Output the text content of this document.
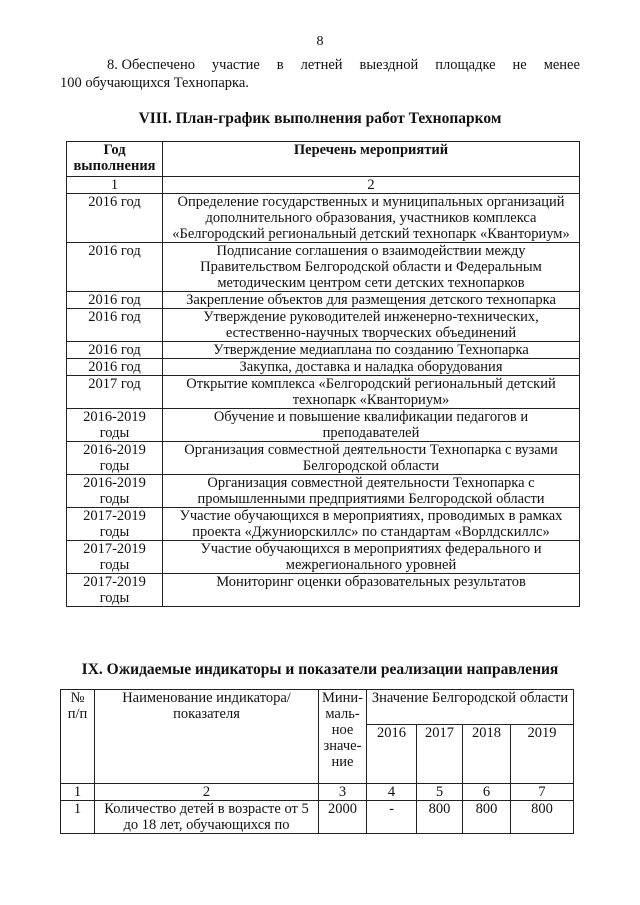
8
8. Обеспечено участие в летней выездной площадке не менее
100 обучающихся Технопарка.
VIII. План-график выполнения работ Технопарком
Год выполнения	Перечень мероприятий
1	2
2016 год	Определение государственных и муниципальных организаций дополнительного образования, участников комплекса «Белгородский региональный детский технопарк «Кванториум»
2016 год	Подписание соглашения о взаимодействии между Правительством Белгородской области и Федеральным методическим центром сети детских технопарков
2016 год	Закрепление объектов для размещения детского технопарка
2016 год	Утверждение руководителей инженерно-технических, естественно-научных творческих объединений
2016 год	Утверждение медиаплана по созданию Технопарка
2016 год	Закупка, доставка и наладка оборудования
2017 год	Открытие комплекса «Белгородский региональный детский технопарк «Кванториум»
2016-2019 годы	Обучение и повышение квалификации педагогов и преподавателей
2016-2019 годы	Организация совместной деятельности Технопарка с вузами Белгородской области
2016-2019 годы	Организация совместной деятельности Технопарка с промышленными предприятиями Белгородской области
2017-2019 годы	Участие обучающихся в мероприятиях, проводимых в рамках проекта «Джуниорскиллс» по стандартам «Ворлдскиллс»
2017-2019 годы	Участие обучающихся в мероприятиях федерального и межрегионального уровней
2017-2019 годы	Мониторинг оценки образовательных результатов
IX. Ожидаемые индикаторы и показатели реализации направления
№ п/п	Наименование индикатора/ показателя	Мини-маль-ное значе-ние	Значение Белгородской области			
			2016	2017	2018	2019
1	2	3	4	5	6	7
1	Количество детей в возрасте от 5 до 18 лет, обучающихся по	2000	-	800	800	800
